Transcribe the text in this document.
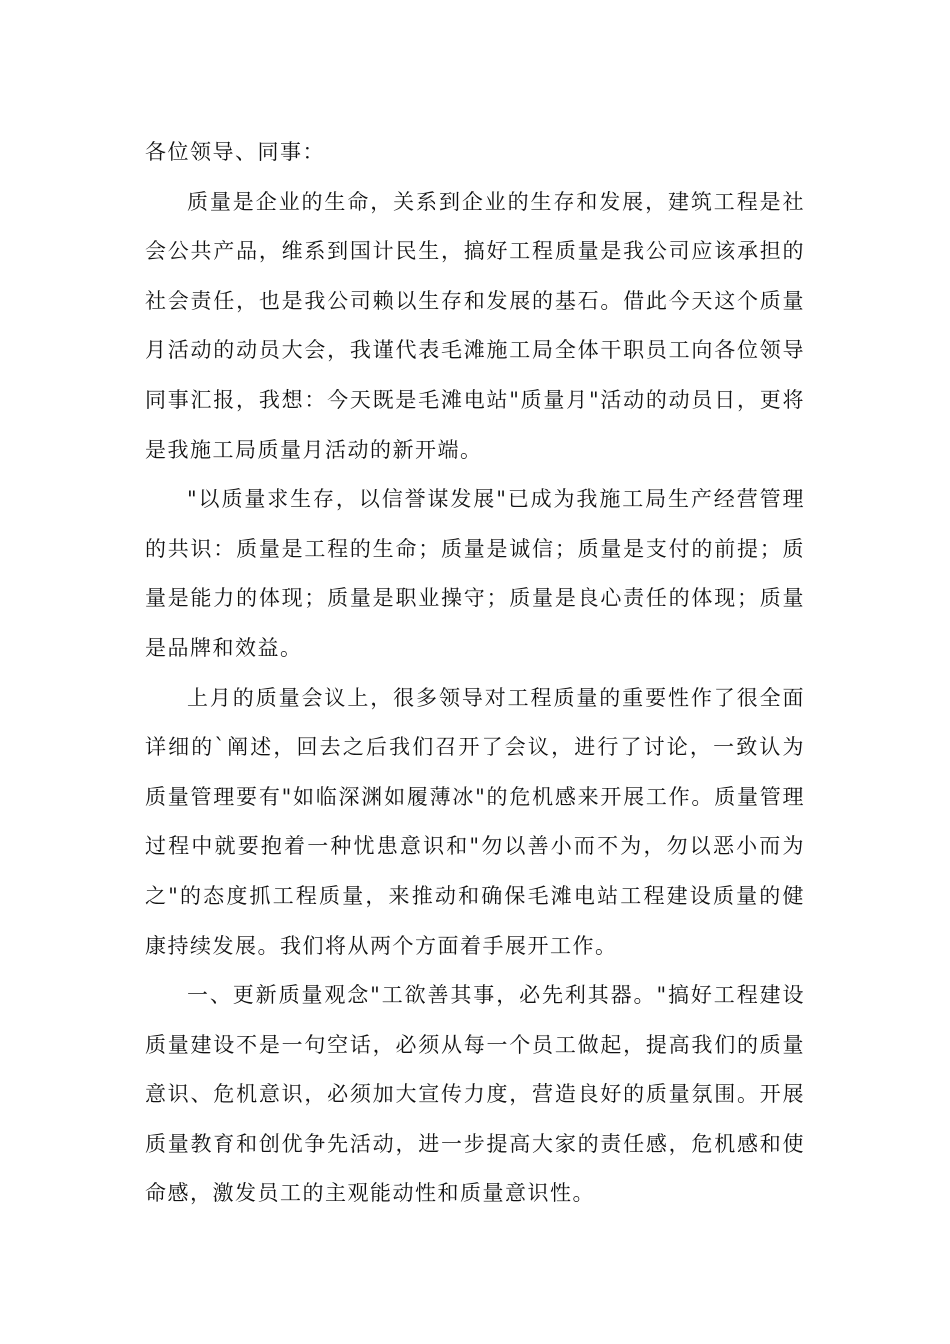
各位领导、同事：

质量是企业的生命，关系到企业的生存和发展，建筑工程是社会公共产品，维系到国计民生，搞好工程质量是我公司应该承担的社会责任，也是我公司赖以生存和发展的基石。借此今天这个质量月活动的动员大会，我谨代表毛滩施工局全体干职员工向各位领导同事汇报，我想：今天既是毛滩电站"质量月"活动的动员日，更将是我施工局质量月活动的新开端。

"以质量求生存，以信誉谋发展"已成为我施工局生产经营管理的共识：质量是工程的生命；质量是诚信；质量是支付的前提；质量是能力的体现；质量是职业操守；质量是良心责任的体现；质量是品牌和效益。

上月的质量会议上，很多领导对工程质量的重要性作了很全面详细的`阐述，回去之后我们召开了会议，进行了讨论，一致认为质量管理要有"如临深渊如履薄冰"的危机感来开展工作。质量管理过程中就要抱着一种忧患意识和"勿以善小而不为，勿以恶小而为之"的态度抓工程质量，来推动和确保毛滩电站工程建设质量的健康持续发展。我们将从两个方面着手展开工作。

一、更新质量观念"工欲善其事，必先利其器。"搞好工程建设质量建设不是一句空话，必须从每一个员工做起，提高我们的质量意识、危机意识，必须加大宣传力度，营造良好的质量氛围。开展质量教育和创优争先活动，进一步提高大家的责任感，危机感和使命感，激发员工的主观能动性和质量意识性。
